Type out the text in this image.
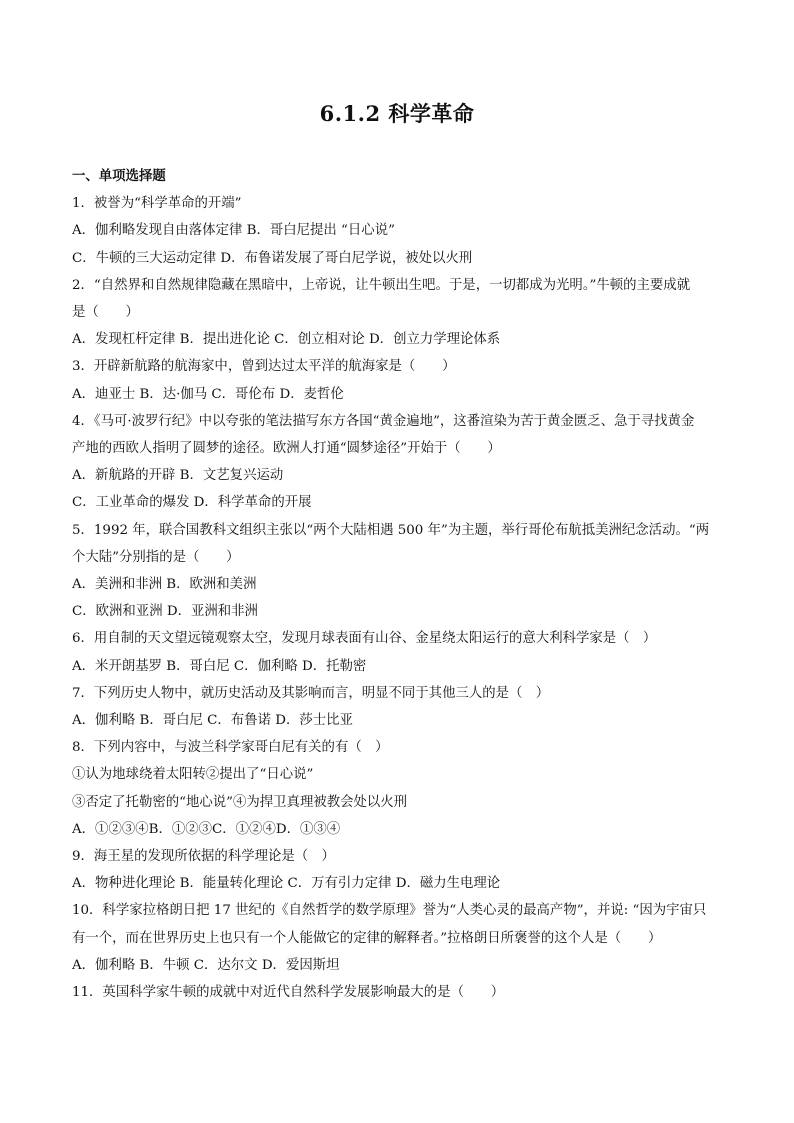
6.1.2 科学革命
一、单项选择题
1．被誉为“科学革命的开端”
A．伽利略发现自由落体定律 B．哥白尼提出 “日心说”
C．牛顿的三大运动定律 D．布鲁诺发展了哥白尼学说，被处以火刑
2．“自然界和自然规律隐藏在黑暗中，上帝说，让牛顿出生吧。于是，一切都成为光明。”牛顿的主要成就
是（　　）
A．发现杠杆定律 B．提出进化论 C．创立相对论 D．创立力学理论体系
3．开辟新航路的航海家中，曾到达过太平洋的航海家是（　　）
A．迪亚士 B．达·伽马 C．哥伦布 D．麦哲伦
4．《马可·波罗行纪》中以夸张的笔法描写东方各国“黄金遍地”，这番渲染为苦于黄金匮乏、急于寻找黄金
产地的西欧人指明了圆梦的途径。欧洲人打通“圆梦途径”开始于（　　）
A．新航路的开辟 B．文艺复兴运动
C．工业革命的爆发 D．科学革命的开展
5．1992 年，联合国教科文组织主张以“两个大陆相遇 500 年”为主题，举行哥伦布航抵美洲纪念活动。“两
个大陆”分别指的是（　　）
A．美洲和非洲 B．欧洲和美洲
C．欧洲和亚洲 D．亚洲和非洲
6．用自制的天文望远镜观察太空，发现月球表面有山谷、金星绕太阳运行的意大利科学家是（　）
A．米开朗基罗 B．哥白尼 C．伽利略 D．托勒密
7．下列历史人物中，就历史活动及其影响而言，明显不同于其他三人的是（　）
A．伽利略 B．哥白尼 C．布鲁诺 D．莎士比亚
8．下列内容中，与波兰科学家哥白尼有关的有（　）
①认为地球绕着太阳转②提出了“日心说”
③否定了托勒密的“地心说”④为捍卫真理被教会处以火刑
A．①②③④B．①②③C．①②④D．①③④
9．海王星的发现所依据的科学理论是（　）
A．物种进化理论 B．能量转化理论 C．万有引力定律 D．磁力生电理论
10．科学家拉格朗日把 17 世纪的《自然哲学的数学原理》誉为“人类心灵的最高产物”，并说: “因为宇宙只
有一个，而在世界历史上也只有一个人能做它的定律的解释者。”拉格朗日所褒誉的这个人是（　　）
A．伽利略 B．牛顿 C．达尔文 D．爱因斯坦
11．英国科学家牛顿的成就中对近代自然科学发展影响最大的是（　　）
